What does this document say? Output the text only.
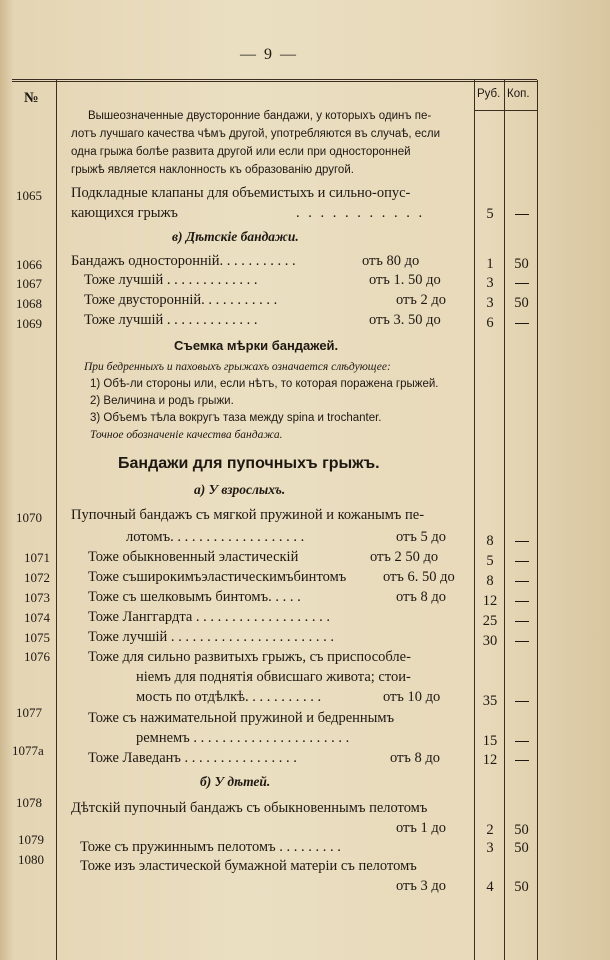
— 9 —
№	Руб. Коп.
Вышеозначенные двусторонние бандажи, у которыхъ одинъ пе-
лотъ лучшаго качества чѣмъ другой, употребляются въ случаѣ, если
одна грыжа болѣе развита другой или если при односторонней
грыжѣ является наклонность къ образованію другой.
1065 Подкладные клапаны для объемистыхъ и сильно-опус-
кающихся грыжъ	. . . . . . . . . . .	5
в) Дѣтскіе бандажи.
1066 Бандажъ односторонній. . . . . . . . . . .	отъ 80 до	1	50
1067	Тоже лучшій . . . . . . . . . . . . .	отъ 1. 50 до	3
1068	Тоже двусторонній. . . . . . . . . . .	отъ 2 до	3	50
1069	Тоже лучшій . . . . . . . . . . . . .	отъ 3. 50 до	6
Съемка мѣрки бандажей.
При бедренныхъ и паховыхъ грыжахъ означается слѣдующее:
1) Обѣ-ли стороны или, если нѣтъ, то которая поражена грыжей.
2) Величина и родъ грыжи.
3) Объемъ тѣла вокругъ таза между spina и trochanter.
Точное обозначеніе качества бандажа.
Бандажи для пупочныхъ грыжъ.
а) У взрослыхъ.
1070 Пупочный бандажъ съ мягкой пружиной и кожанымъ пе-
лотомъ. . . . . . . . . . . . . . . . . . .	отъ 5 до	8
1071	Тоже обыкновенный эластическій	отъ 2 50 до	5
1072	Тоже съширокимъэластическимъбинтомъ	отъ 6. 50 до	8
1073	Тоже съ шелковымъ бинтомъ. . . . .	отъ 8 до	12
1074	Тоже Ланггардта . . . . . . . . . . . . . . . . . . .	25
1075	Тоже лучшій . . . . . . . . . . . . . . . . . . . . . . .	30
1076	Тоже для сильно развитыхъ грыжъ, съ приспособле-
ніемъ для поднятія обвисшаго живота; стои-
мость по отдѣлкѣ. . . . . . . . . . .	отъ 10 до	35
1077	Тоже съ нажимательной пружиной и бедреннымъ
ремнемъ . . . . . . . . . . . . . . . . . . . . . .	15
1077а	Тоже Лаведанъ . . . . . . . . . . . . . . . .	отъ 8 до	12
б) У дѣтей.
1078 Дѣтскій пупочный бандажъ съ обыкновеннымъ пелотомъ
отъ 1 до	2	50
1079 Тоже съ пружиннымъ пелотомъ . . . . . . . . .	3	50
1080 Тоже изъ эластической бумажной матеріи съ пелотомъ
отъ 3 до	4	50
